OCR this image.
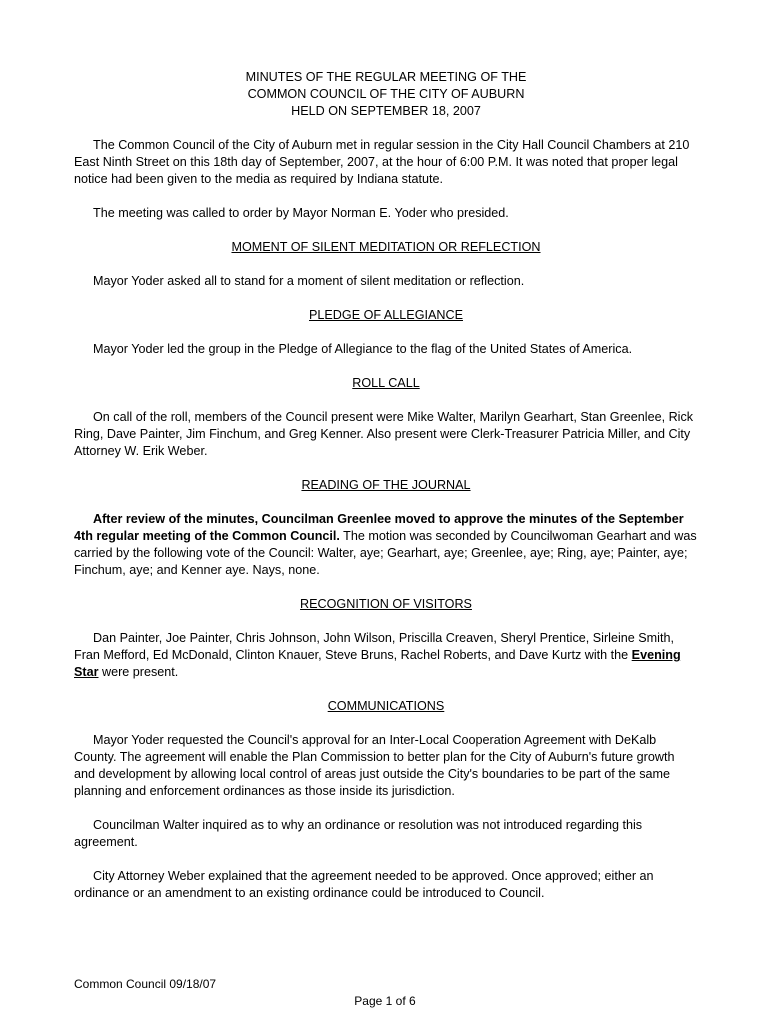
MINUTES OF THE REGULAR MEETING OF THE
COMMON COUNCIL OF THE CITY OF AUBURN
HELD ON SEPTEMBER 18, 2007

The Common Council of the City of Auburn met in regular session in the City Hall Council Chambers at 210 East Ninth Street on this 18th day of September, 2007, at the hour of 6:00 P.M. It was noted that proper legal notice had been given to the media as required by Indiana statute.

The meeting was called to order by Mayor Norman E. Yoder who presided.

MOMENT OF SILENT MEDITATION OR REFLECTION

Mayor Yoder asked all to stand for a moment of silent meditation or reflection.

PLEDGE OF ALLEGIANCE

Mayor Yoder led the group in the Pledge of Allegiance to the flag of the United States of America.

ROLL CALL

On call of the roll, members of the Council present were Mike Walter, Marilyn Gearhart, Stan Greenlee, Rick Ring, Dave Painter, Jim Finchum, and Greg Kenner. Also present were Clerk-Treasurer Patricia Miller, and City Attorney W. Erik Weber.

READING OF THE JOURNAL

After review of the minutes, Councilman Greenlee moved to approve the minutes of the September 4th regular meeting of the Common Council. The motion was seconded by Councilwoman Gearhart and was carried by the following vote of the Council: Walter, aye; Gearhart, aye; Greenlee, aye; Ring, aye; Painter, aye; Finchum, aye; and Kenner aye. Nays, none.

RECOGNITION OF VISITORS

Dan Painter, Joe Painter, Chris Johnson, John Wilson, Priscilla Creaven, Sheryl Prentice, Sirleine Smith, Fran Mefford, Ed McDonald, Clinton Knauer, Steve Bruns, Rachel Roberts, and Dave Kurtz with the Evening Star were present.

COMMUNICATIONS

Mayor Yoder requested the Council's approval for an Inter-Local Cooperation Agreement with DeKalb County. The agreement will enable the Plan Commission to better plan for the City of Auburn's future growth and development by allowing local control of areas just outside the City's boundaries to be part of the same planning and enforcement ordinances as those inside its jurisdiction.

Councilman Walter inquired as to why an ordinance or resolution was not introduced regarding this agreement.

City Attorney Weber explained that the agreement needed to be approved. Once approved; either an ordinance or an amendment to an existing ordinance could be introduced to Council.

Common Council 09/18/07
Page 1 of 6
